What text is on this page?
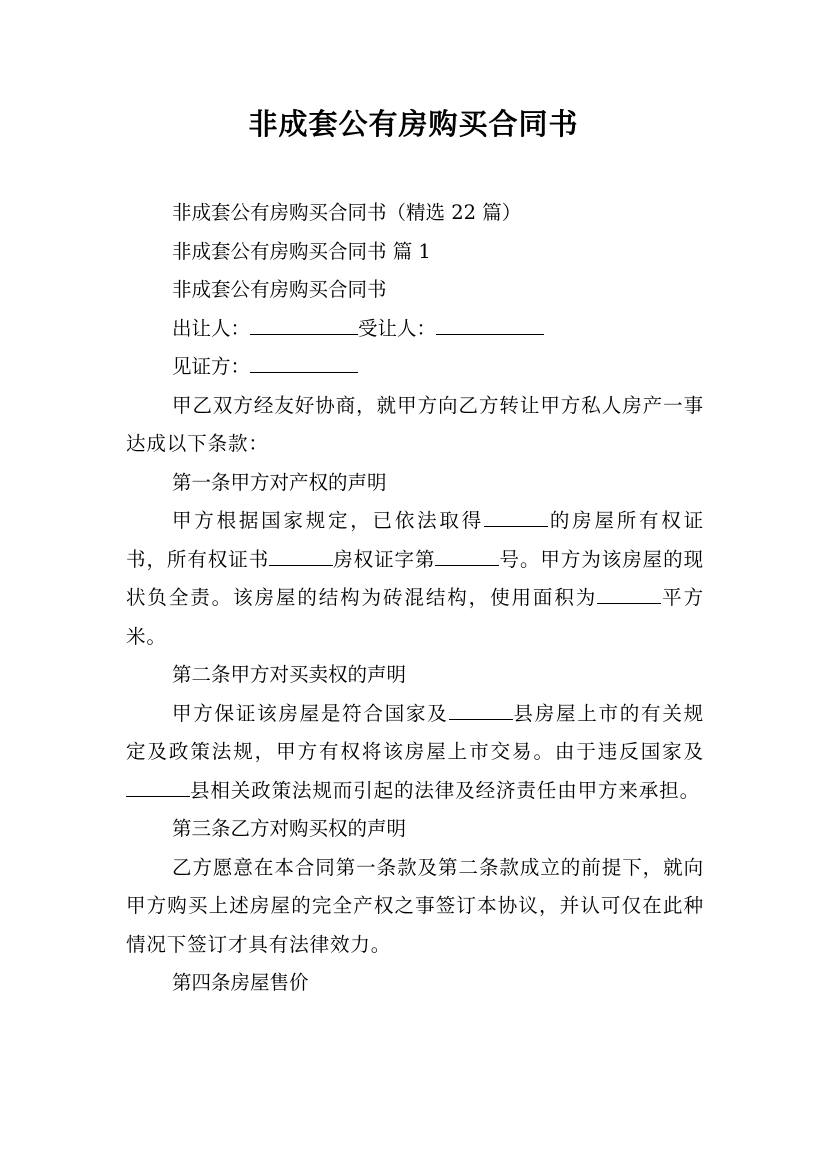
非成套公有房购买合同书

非成套公有房购买合同书（精选 22 篇）

非成套公有房购买合同书 篇 1

非成套公有房购买合同书

出让人：	受让人：

见证方：

甲乙双方经友好协商，就甲方向乙方转让甲方私人房产一事达成以下条款：

第一条甲方对产权的声明

甲方根据国家规定，已依法取得	的房屋所有权证书，所有权证书	房权证字第	号。甲方为该房屋的现状负全责。该房屋的结构为砖混结构，使用面积为	平方米。

第二条甲方对买卖权的声明

甲方保证该房屋是符合国家及	县房屋上市的有关规定及政策法规，甲方有权将该房屋上市交易。由于违反国家及县相关政策法规而引起的法律及经济责任由甲方来承担。

第三条乙方对购买权的声明

乙方愿意在本合同第一条款及第二条款成立的前提下，就向甲方购买上述房屋的完全产权之事签订本协议，并认可仅在此种情况下签订才具有法律效力。

第四条房屋售价
